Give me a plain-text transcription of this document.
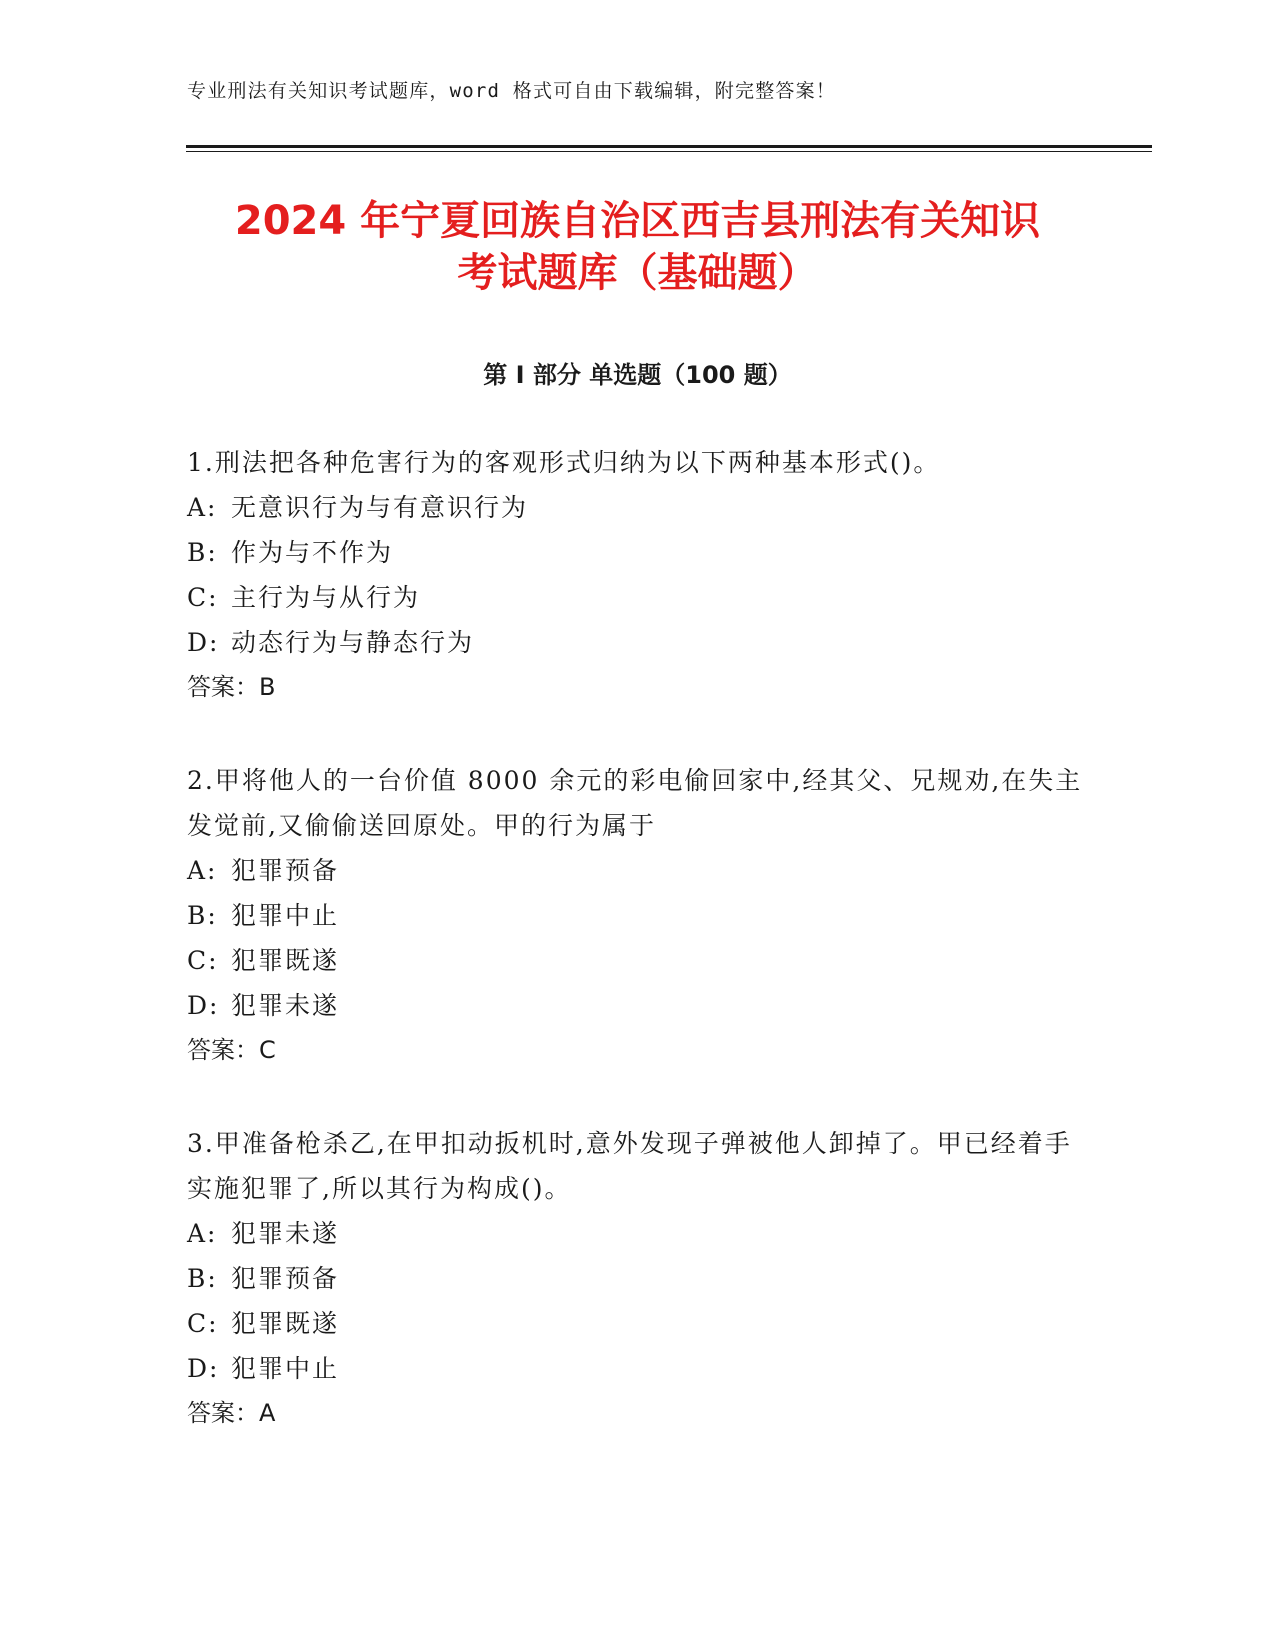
专业刑法有关知识考试题库，word 格式可自由下载编辑，附完整答案！
2024 年宁夏回族自治区西吉县刑法有关知识
考试题库（基础题）
第 I 部分 单选题（100 题）

1.刑法把各种危害行为的客观形式归纳为以下两种基本形式()。

A: 无意识行为与有意识行为
B: 作为与不作为
C: 主行为与从行为
D: 动态行为与静态行为
答案：B

2.甲将他人的一台价值 8000 余元的彩电偷回家中,经其父、兄规劝,在失主发觉前,又偷偷送回原处。甲的行为属于

A: 犯罪预备
B: 犯罪中止
C: 犯罪既遂
D: 犯罪未遂
答案：C

3.甲准备枪杀乙,在甲扣动扳机时,意外发现子弹被他人卸掉了。甲已经着手实施犯罪了,所以其行为构成()。

A: 犯罪未遂
B: 犯罪预备
C: 犯罪既遂
D: 犯罪中止
答案：A
